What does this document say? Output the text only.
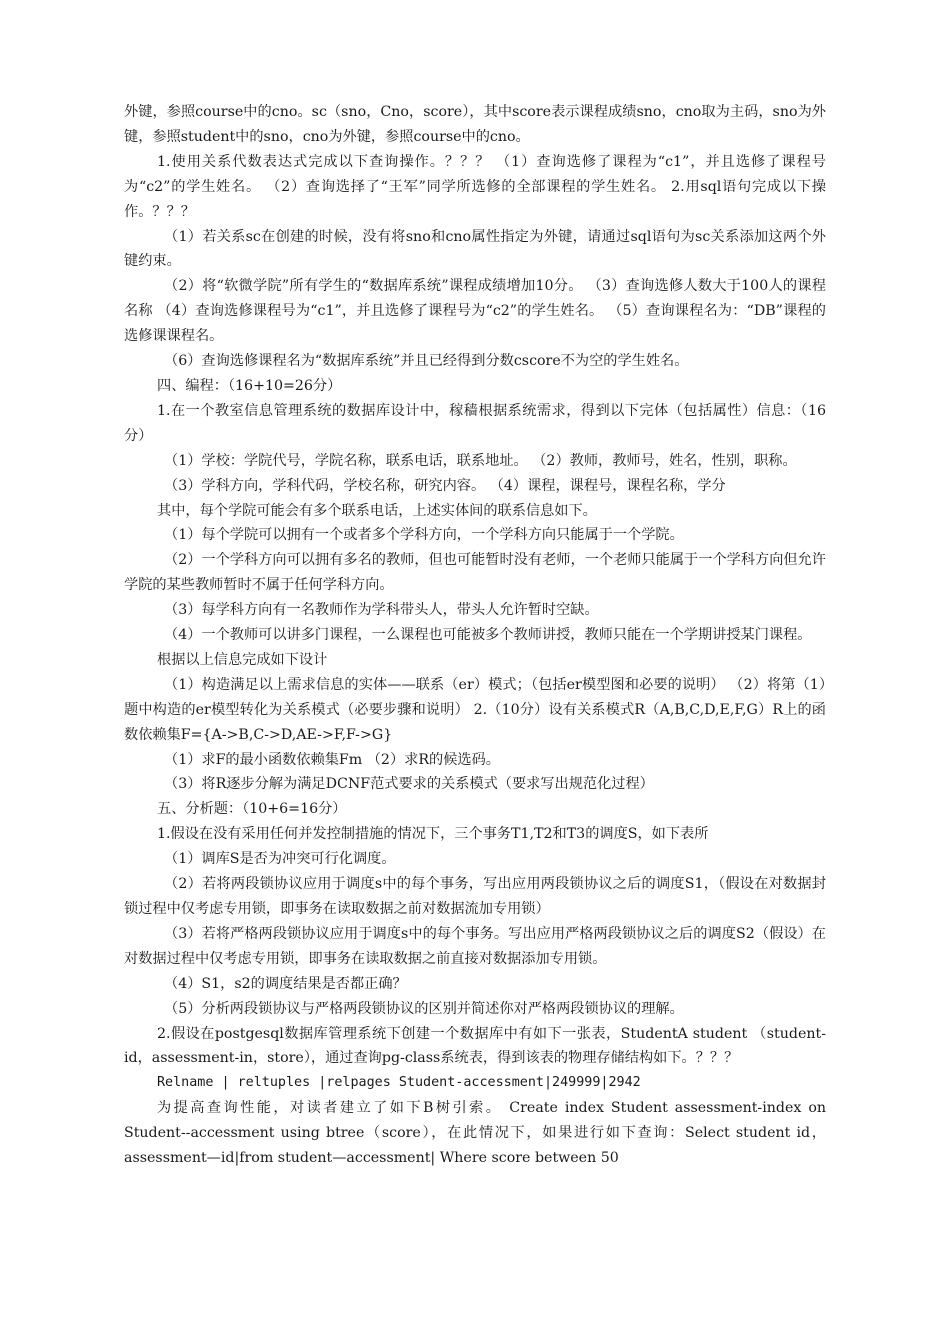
外键，参照course中的cno。sc（sno，Cno，score），其中score表示课程成绩sno，cno取为主码，sno为外键，参照student中的sno，cno为外键，参照course中的cno。

1.使用关系代数表达式完成以下查询操作。？？？ （1）查询选修了课程为“c1”，并且选修了课程号为“c2”的学生姓名。 （2）查询选择了“王军”同学所选修的全部课程的学生姓名。 2.用sql语句完成以下操作。？？？

（1）若关系sc在创建的时候，没有将sno和cno属性指定为外键，请通过sql语句为sc关系添加这两个外键约束。

（2）将“软微学院”所有学生的“数据库系统”课程成绩增加10分。 （3）查询选修人数大于100人的课程名称 （4）查询选修课程号为“c1”，并且选修了课程号为“c2”的学生姓名。 （5）查询课程名为：“DB”课程的选修课课程名。

（6）查询选修课程名为“数据库系统”并且已经得到分数cscore不为空的学生姓名。

四、编程：（16+10=26分）

1.在一个教室信息管理系统的数据库设计中，稼穑根据系统需求，得到以下完体（包括属性）信息：（16分）

（1）学校：学院代号，学院名称，联系电话，联系地址。 （2）教师，教师号，姓名，性别，职称。

（3）学科方向，学科代码，学校名称，研究内容。 （4）课程，课程号，课程名称，学分

其中，每个学院可能会有多个联系电话，上述实体间的联系信息如下。

（1）每个学院可以拥有一个或者多个学科方向，一个学科方向只能属于一个学院。

（2）一个学科方向可以拥有多名的教师，但也可能暂时没有老师，一个老师只能属于一个学科方向但允许学院的某些教师暂时不属于任何学科方向。

（3）每学科方向有一名教师作为学科带头人，带头人允许暂时空缺。

（4）一个教师可以讲多门课程，一么课程也可能被多个教师讲授，教师只能在一个学期讲授某门课程。

根据以上信息完成如下设计

（1）构造满足以上需求信息的实体——联系（er）模式；（包括er模型图和必要的说明） （2）将第（1）题中构造的er模型转化为关系模式（必要步骤和说明） 2.（10分）设有关系模式R（A,B,C,D,E,F,G）R上的函数依赖集F={A->B,C->D,AE->F,F->G}

（1）求F的最小函数依赖集Fm （2）求R的候选码。

（3）将R逐步分解为满足DCNF范式要求的关系模式（要求写出规范化过程）

五、分析题：（10+6=16分）

1.假设在没有采用任何并发控制措施的情况下，三个事务T1,T2和T3的调度S，如下表所

（1）调库S是否为冲突可行化调度。

（2）若将两段锁协议应用于调度s中的每个事务，写出应用两段锁协议之后的调度S1，（假设在对数据封锁过程中仅考虑专用锁，即事务在读取数据之前对数据流加专用锁）

（3）若将严格两段锁协议应用于调度s中的每个事务。写出应用严格两段锁协议之后的调度S2（假设）在对数据过程中仅考虑专用锁，即事务在读取数据之前直接对数据添加专用锁。

（4）S1，s2的调度结果是否都正确？

（5）分析两段锁协议与严格两段锁协议的区别并简述你对严格两段锁协议的理解。

2.假设在postgesql数据库管理系统下创建一个数据库中有如下一张表，StudentA student （student-id，assessment-in，store），通过查询pg-class系统表，得到该表的物理存储结构如下。？？？

Relname | reltuples |relpages Student-accessment|249999|2942

为提高查询性能，对读者建立了如下B树引索。 Create index Student assessment-index on Student--accessment using btree（score），在此情况下，如果进行如下查询：Select student id，assessment—id|from student—accessment| Where score between 50
